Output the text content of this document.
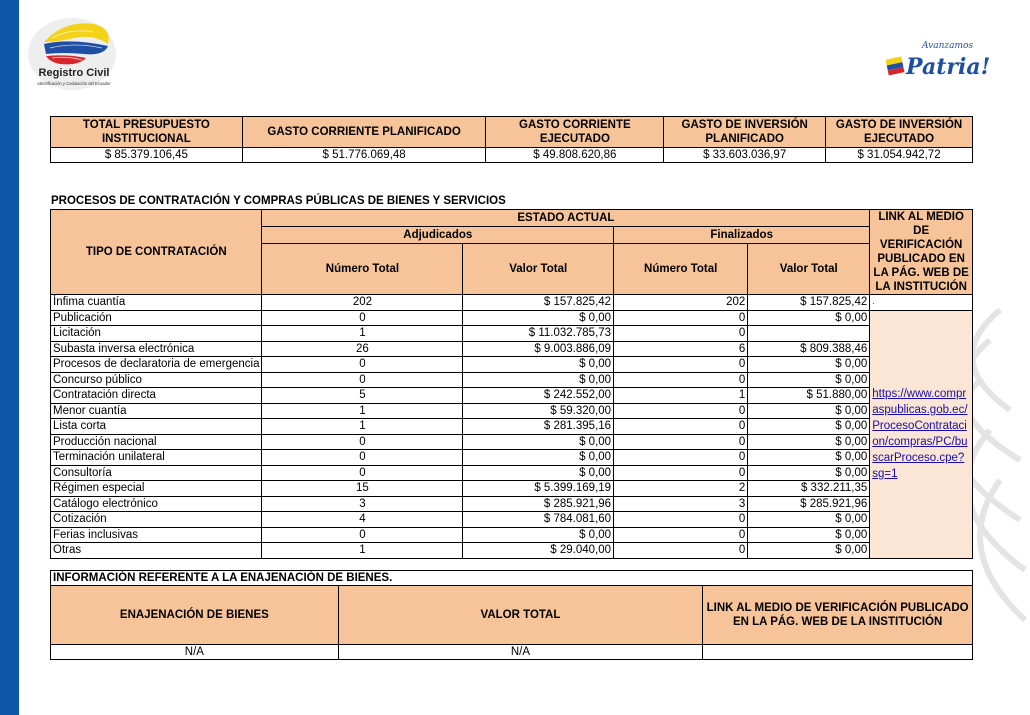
Registro Civil
Identificación y Cedulación del Ecuador
Avanzamos
Patria!
TOTAL PRESUPUESTO INSTITUCIONAL	GASTO CORRIENTE PLANIFICADO	GASTO CORRIENTE EJECUTADO	GASTO DE INVERSIÓN PLANIFICADO	GASTO DE INVERSIÓN EJECUTADO
$ 85.379.106,45	$ 51.776.069,48	$ 49.808.620,86	$ 33.603.036,97	$ 31.054.942,72
PROCESOS DE CONTRATACIÓN Y COMPRAS PÚBLICAS DE BIENES Y SERVICIOS
TIPO DE CONTRATACIÓN	ESTADO ACTUAL				LINK AL MEDIO DE VERIFICACIÓN PUBLICADO EN LA PÁG. WEB DE LA INSTITUCIÓN
	Adjudicados		Finalizados		
	Número Total	Valor Total	Número Total	Valor Total	
Ínfima cuantía	202	$ 157.825,42	202	$ 157.825,42	.
Publicación	0	$ 0,00	0	$ 0,00	https://www.compraspublicas.gob.ec/ProcesoContratacion/compras/PC/buscarProceso.cpe?sg=1
Licitación	1	$ 11.032.785,73	0		
Subasta inversa electrónica	26	$ 9.003.886,09	6	$ 809.388,46	
Procesos de declaratoria de emergencia	0	$ 0,00	0	$ 0,00	
Concurso público	0	$ 0,00	0	$ 0,00	
Contratación directa	5	$ 242.552,00	1	$ 51.880,00	
Menor cuantía	1	$ 59.320,00	0	$ 0,00	
Lista corta	1	$ 281.395,16	0	$ 0,00	
Producción nacional	0	$ 0,00	0	$ 0,00	
Terminación unilateral	0	$ 0,00	0	$ 0,00	
Consultoría	0	$ 0,00	0	$ 0,00	
Régimen especial	15	$ 5.399.169,19	2	$ 332.211,35	
Catálogo electrónico	3	$ 285.921,96	3	$ 285.921,96	
Cotización	4	$ 784.081,60	0	$ 0,00	
Ferias inclusivas	0	$ 0,00	0	$ 0,00	
Otras	1	$ 29.040,00	0	$ 0,00	
INFORMACIÓN REFERENTE A LA ENAJENACIÓN DE BIENES.		
ENAJENACIÓN DE BIENES	VALOR TOTAL	LINK AL MEDIO DE VERIFICACIÓN PUBLICADO EN LA PÁG. WEB DE LA INSTITUCIÓN
N/A	N/A	
